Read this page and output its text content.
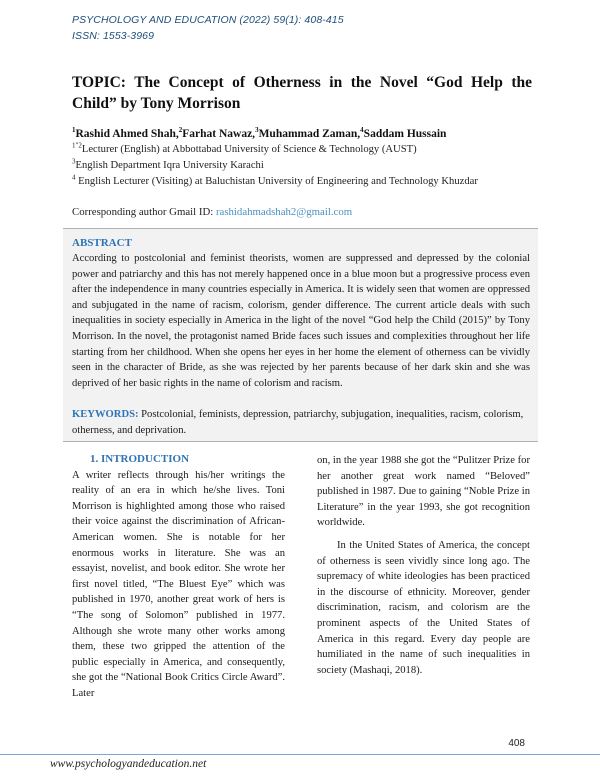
PSYCHOLOGY AND EDUCATION (2022) 59(1): 408-415
ISSN: 1553-3969
TOPIC: The Concept of Otherness in the Novel “God Help the Child” by Tony Morrison
$^1$Rashid Ahmed Shah,$^2$Farhat Nawaz,$^3$Muhammad Zaman,$^4$Saddam Hussain
$^{1"2}$Lecturer (English) at Abbottabad University of Science & Technology (AUST)
$^3$English Department Iqra University Karachi
$^4$ English Lecturer (Visiting) at Baluchistan University of Engineering and Technology Khuzdar
Corresponding author Gmail ID: rashidahmadshah2@gmail.com
ABSTRACT
According to postcolonial and feminist theorists, women are suppressed and depressed by the colonial power and patriarchy and this has not merely happened once in a blue moon but a progressive process even after the independence in many countries especially in America. It is widely seen that women are oppressed and subjugated in the name of racism, colorism, gender difference. The current article deals with such inequalities in society especially in America in the light of the novel “God help the Child (2015)” by Tony Morrison. In the novel, the protagonist named Bride faces such issues and complexities throughout her life starting from her childhood. When she opens her eyes in her home the element of otherness can be vividly seen in the character of Bride, as she was rejected by her parents because of her dark skin and she was deprived of her basic rights in the name of colorism and racism.
KEYWORDS: Postcolonial, feminists, depression, patriarchy, subjugation, inequalities, racism, colorism, otherness, and deprivation.
1. INTRODUCTION

A writer reflects through his/her writings the reality of an era in which he/she lives. Toni Morrison is highlighted among those who raised their voice against the discrimination of African-American women. She is notable for her enormous works in literature. She was an essayist, novelist, and book editor. She wrote her first novel titled, “The Bluest Eye” which was published in 1970, another great work of hers is “The song of Solomon” published in 1977. Although she wrote many other works among them, these two gripped the attention of the public especially in America, and consequently, she got the “National Book Critics Circle Award”. Later

on, in the year 1988 she got the “Pulitzer Prize for her another great work named “Beloved” published in 1987. Due to gaining “Noble Prize in Literature” in the year 1993, she got recognition worldwide.

In the United States of America, the concept of otherness is seen vividly since long ago. The supremacy of white ideologies has been practiced in the discourse of ethnicity. Moreover, gender discrimination, racism, and colorism are the prominent aspects of the United States of America in this regard. Every day people are humiliated in the name of such inequalities in society (Mashaqi, 2018).

408
www.psychologyandeducation.net
